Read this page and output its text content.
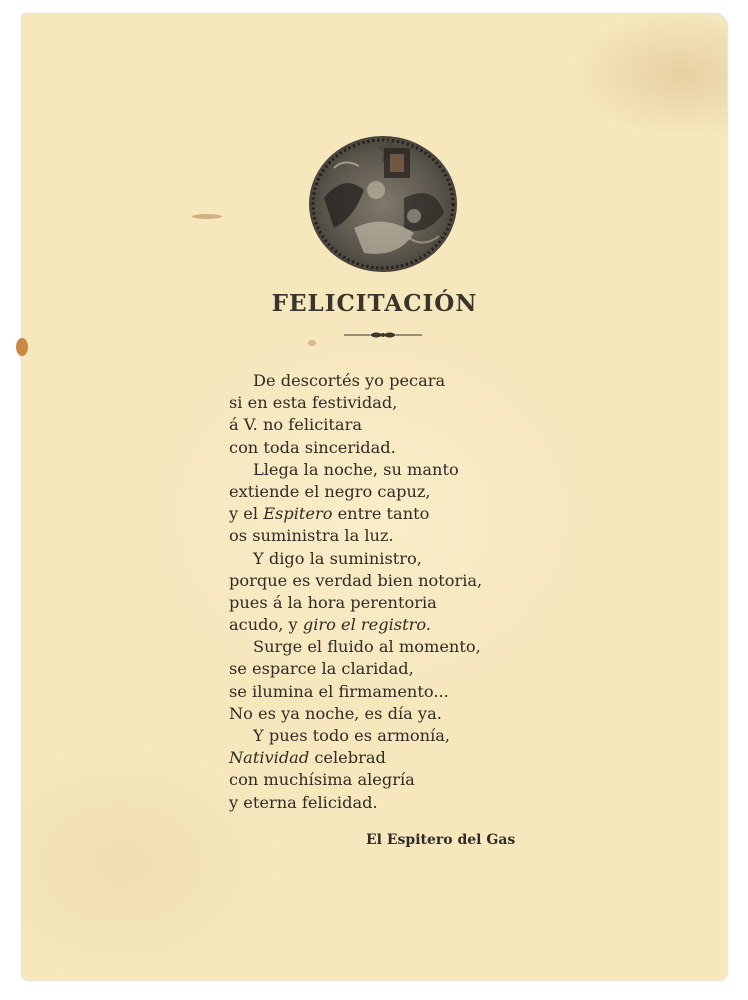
FELICITACIÓN
De descortés yo pecara
si en esta festividad,
á V. no felicitara
con toda sinceridad.
Llega la noche, su manto
extiende el negro capuz,
y el Espitero entre tanto
os suministra la luz.
Y digo la suministro,
porque es verdad bien notoria,
pues á la hora perentoria
acudo, y giro el registro.
Surge el fluido al momento,
se esparce la claridad,
se ilumina el firmamento...
No es ya noche, es día ya.
Y pues todo es armonía,
Natividad celebrad
con muchísima alegría
y eterna felicidad.
El Espitero del Gas
